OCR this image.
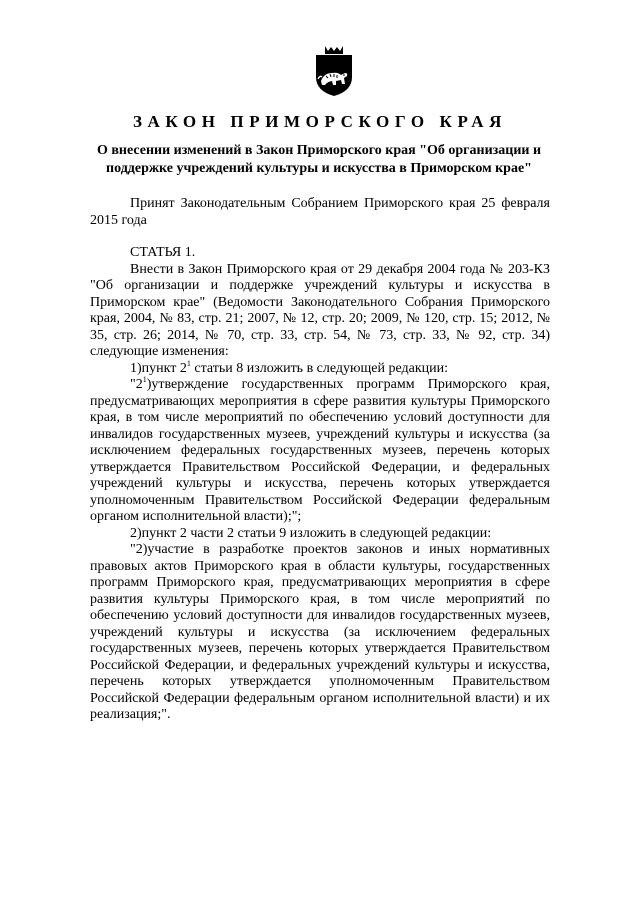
ЗАКОН ПРИМОРСКОГО КРАЯ
О внесении изменений в Закон Приморского края "Об организации и поддержке учреждений культуры и искусства в Приморском крае"

Принят Законодательным Собранием Приморского края 25 февраля 2015 года

СТАТЬЯ 1.

Внести в Закон Приморского края от 29 декабря 2004 года № 203-КЗ "Об организации и поддержке учреждений культуры и искусства в Приморском крае" (Ведомости Законодательного Собрания Приморского края, 2004, № 83, стр. 21; 2007, № 12, стр. 20; 2009, № 120, стр. 15; 2012, № 35, стр. 26; 2014, № 70, стр. 33, стр. 54, № 73, стр. 33, № 92, стр. 34) следующие изменения:

1)пункт $2^1$ статьи 8 изложить в следующей редакции:

"$2^1)утверждение$ государственных программ Приморского края, предусматривающих мероприятия в сфере развития культуры Приморского края, в том числе мероприятий по обеспечению условий доступности для инвалидов государственных музеев, учреждений культуры и искусства (за исключением федеральных государственных музеев, перечень которых утверждается Правительством Российской Федерации, и федеральных учреждений культуры и искусства, перечень которых утверждается уполномоченным Правительством Российской Федерации федеральным органом исполнительной власти);";

2)пункт 2 части 2 статьи 9 изложить в следующей редакции:

"2)участие в разработке проектов законов и иных нормативных правовых актов Приморского края в области культуры, государственных программ Приморского края, предусматривающих мероприятия в сфере развития культуры Приморского края, в том числе мероприятий по обеспечению условий доступности для инвалидов государственных музеев, учреждений культуры и искусства (за исключением федеральных государственных музеев, перечень которых утверждается Правительством Российской Федерации, и федеральных учреждений культуры и искусства, перечень которых утверждается уполномоченным Правительством Российской Федерации федеральным органом исполнительной власти) и их реализация;".
